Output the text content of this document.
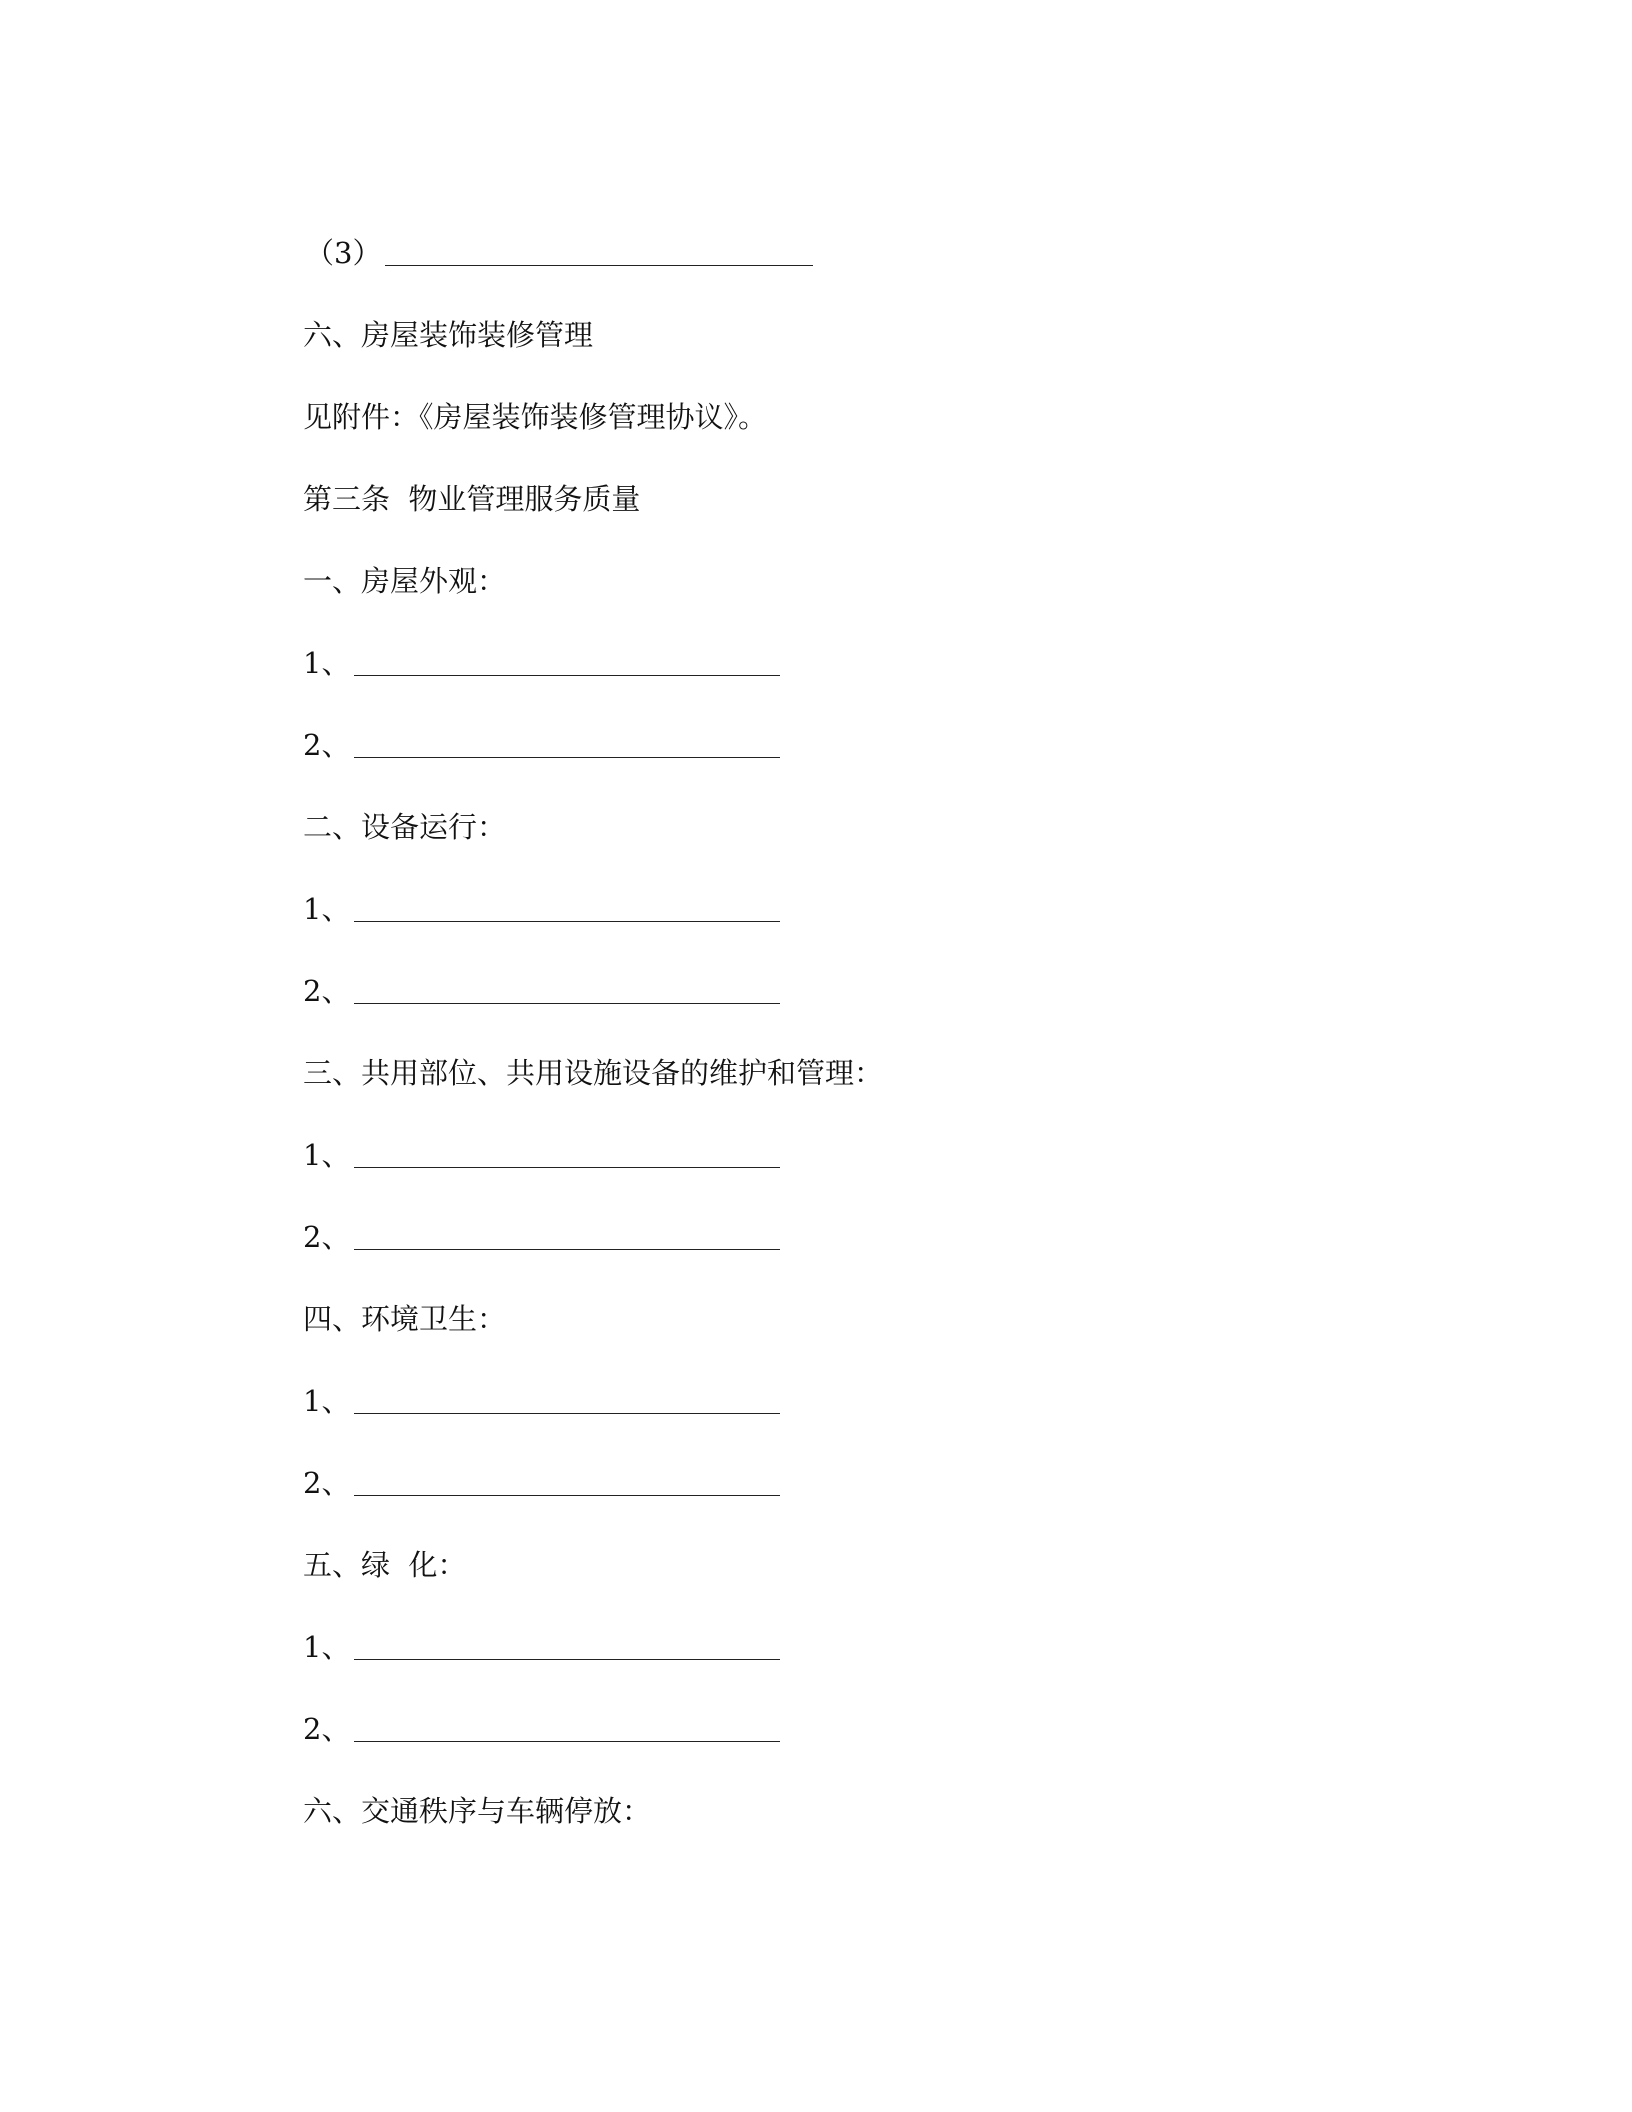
（3）
六、房屋装饰装修管理
见附件：《房屋装饰装修管理协议》。
第三条  物业管理服务质量
一、房屋外观：
1、
2、
二、设备运行：
1、
2、
三、共用部位、共用设施设备的维护和管理：
1、
2、
四、环境卫生：
1、
2、
五、绿  化：
1、
2、
六、交通秩序与车辆停放：
